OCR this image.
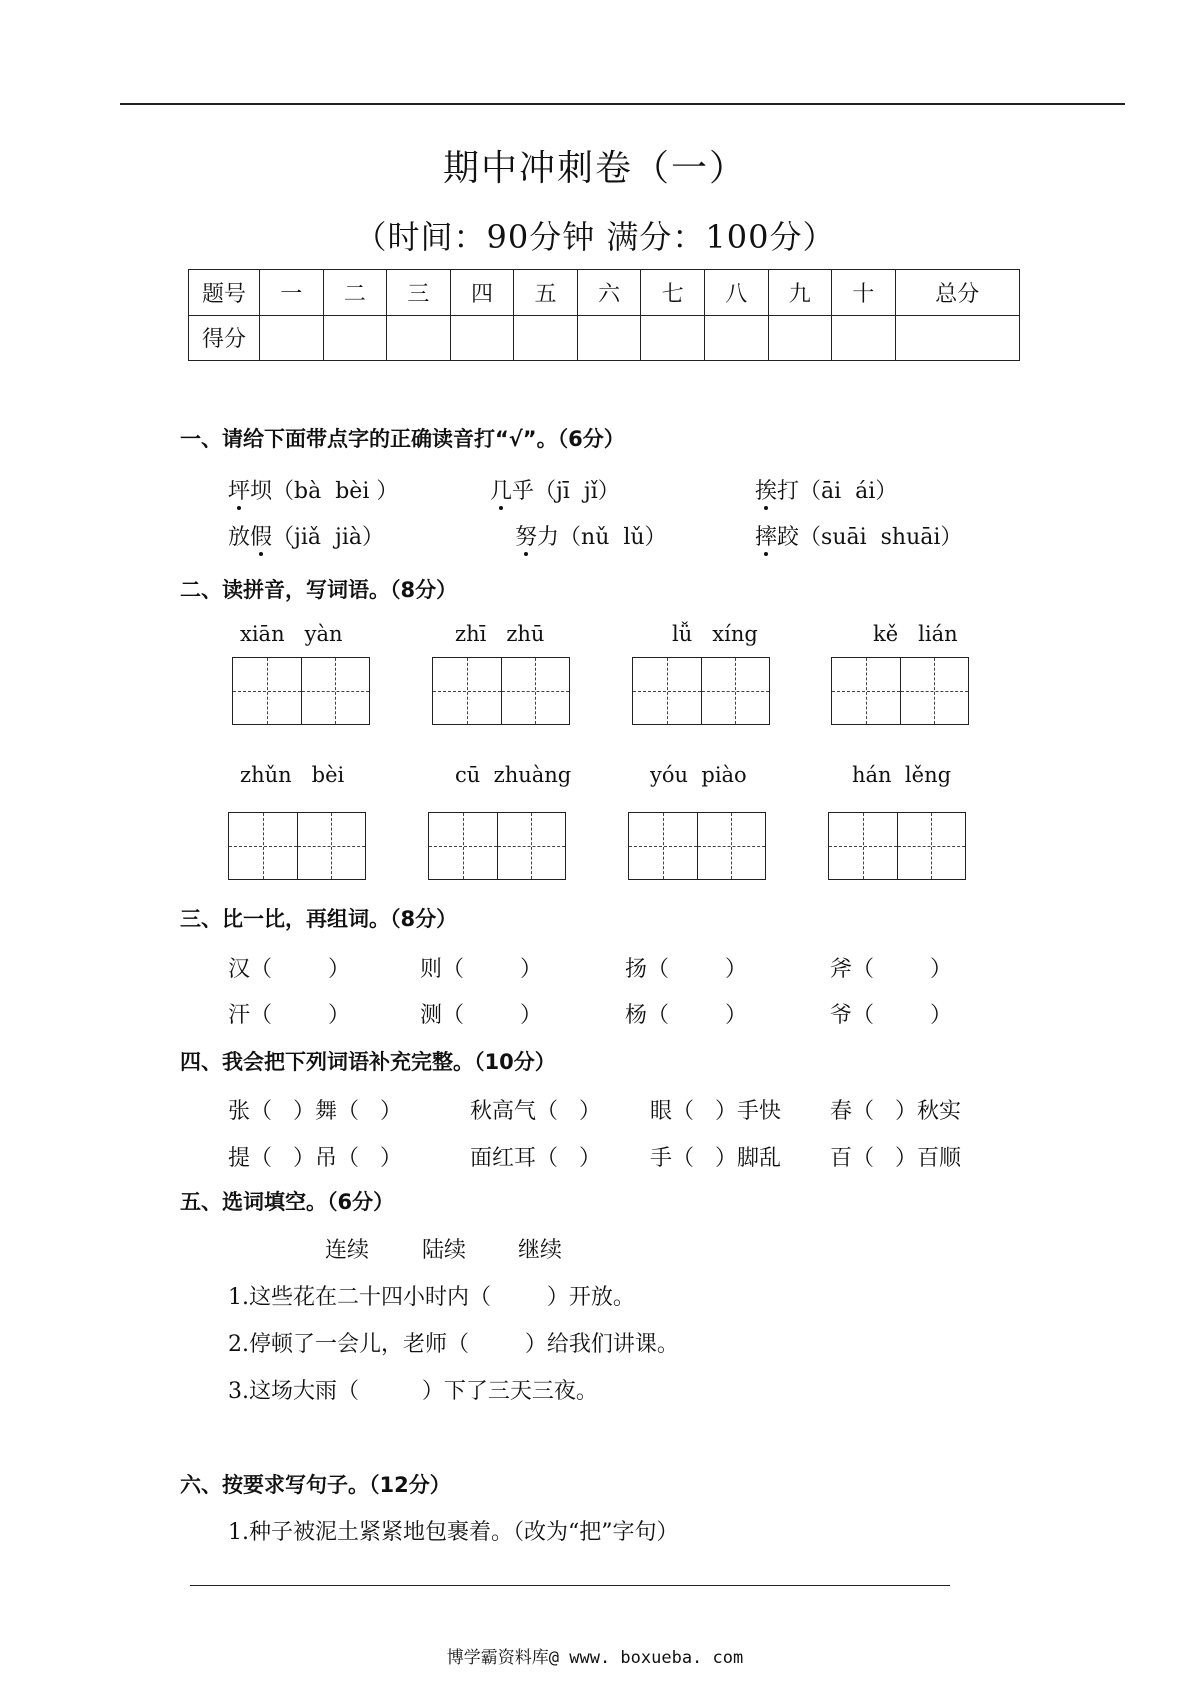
期中冲刺卷（一）
（时间：90分钟 满分：100分）
题号	一	二	三	四	五	六	七	八	九	十	总分
得分											
一、请给下面带点字的正确读音打“√”。（6分）
坪坝（bà  bèi ）	几乎（jī  jǐ）	挨打（āi  ái）
放假（jiǎ  jià）	努力（nǔ  lǔ）	摔跤（suāi  shuāi）
二、读拼音，写词语。（8分）
xiān   yàn	zhī   zhū	lǚ   xíng	kě   lián
zhǔn   bèi	cū  zhuàng	yóu  piào	hán  lěng
三、比一比，再组词。（8分）
汉（        ）	则（        ）	扬（        ）	斧（        ）
汗（        ）	测（        ）	杨（        ）	爷（        ）
四、我会把下列词语补充完整。（10分）
张（   ）舞（   ）	秋高气（   ） 眼（   ）手快 春（   ）秋实
提（   ）吊（   ）	面红耳（   ） 手（   ）脚乱 百（   ）百顺
五、选词填空。（6分）
连续 陆续 继续
1.这些花在二十四小时内（        ）开放。
2.停顿了一会儿，老师（        ）给我们讲课。
3.这场大雨（         ）下了三天三夜。
六、按要求写句子。（12分）
1.种子被泥土紧紧地包裹着。（改为“把”字句）
博学霸资料库@ www. boxueba. com
